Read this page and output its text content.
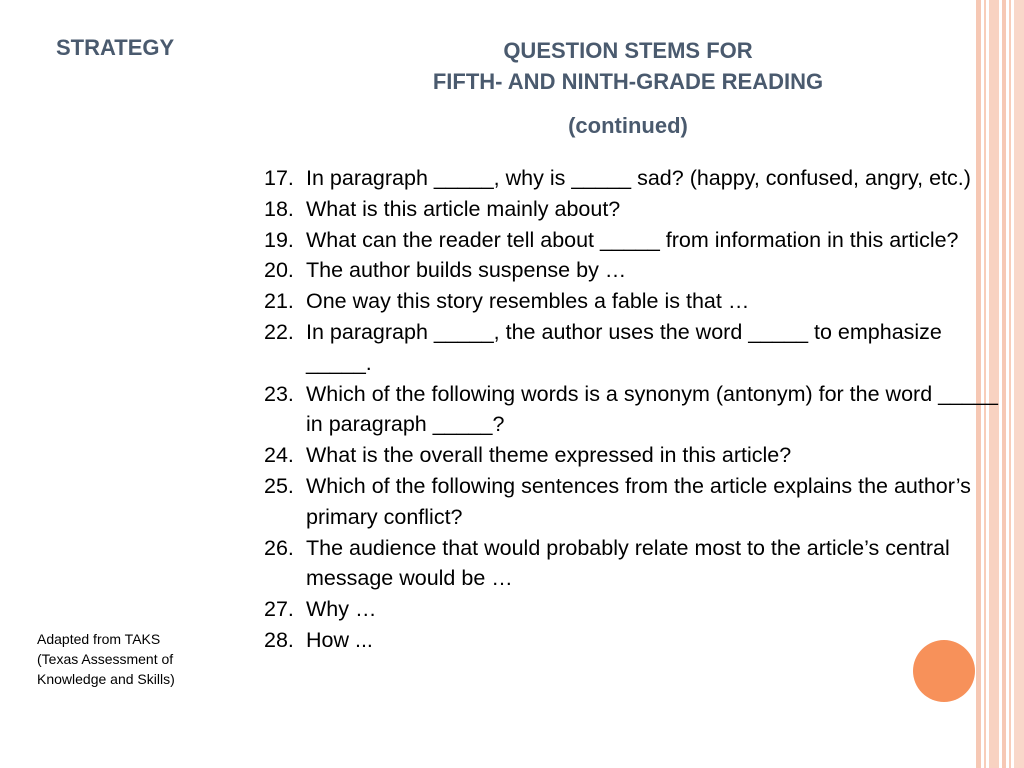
STRATEGY	QUESTION STEMS FOR
FIFTH- AND NINTH-GRADE READING
(continued)
17. In paragraph _____, why is _____ sad? (happy, confused, angry, etc.)
18. What is this article mainly about?
19. What can the reader tell about _____ from information in this article?
20. The author builds suspense by …
21. One way this story resembles a fable is that …
22. In paragraph _____, the author uses the word _____ to emphasize _____.
23. Which of the following words is a synonym (antonym) for the word _____ in paragraph _____?
24. What is the overall theme expressed in this article?
25. Which of the following sentences from the article explains the author’s primary conflict?
26. The audience that would probably relate most to the article’s central message would be …
27. Why …
28. How ...
Adapted from TAKS (Texas Assessment of Knowledge and Skills)
